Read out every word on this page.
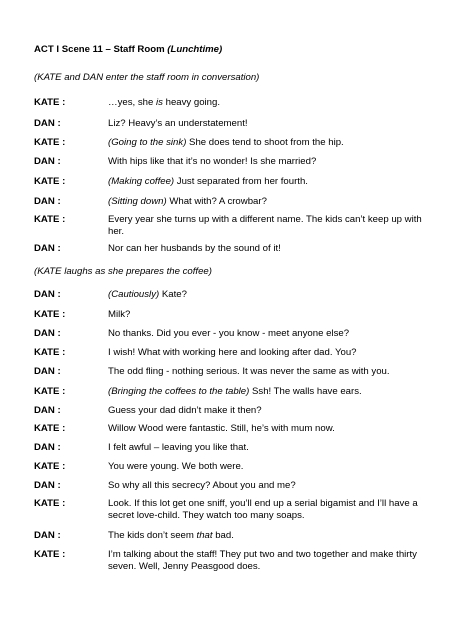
ACT I Scene 11 – Staff Room (Lunchtime)
(KATE and DAN enter the staff room in conversation)
KATE :	…yes, she is heavy going.
DAN :	Liz? Heavy’s an understatement!
KATE :	(Going to the sink) She does tend to shoot from the hip.
DAN :	With hips like that it’s no wonder! Is she married?
KATE :	(Making coffee) Just separated from her fourth.
DAN :	(Sitting down) What with? A crowbar?
KATE :	Every year she turns up with a different name. The kids can’t keep up with her.
DAN :	Nor can her husbands by the sound of it!
(KATE laughs as she prepares the coffee)
DAN :	(Cautiously) Kate?
KATE :	Milk?
DAN :	No thanks. Did you ever - you know - meet anyone else?
KATE :	I wish! What with working here and looking after dad. You?
DAN :	The odd fling - nothing serious. It was never the same as with you.
KATE :	(Bringing the coffees to the table) Ssh! The walls have ears.
DAN :	Guess your dad didn’t make it then?
KATE :	Willow Wood were fantastic. Still, he’s with mum now.
DAN :	I felt awful – leaving you like that.
KATE :	You were young. We both were.
DAN :	So why all this secrecy? About you and me?
KATE :	Look. If this lot get one sniff, you’ll end up a serial bigamist and I’ll have a secret love-child. They watch too many soaps.
DAN :	The kids don’t seem that bad.
KATE :	I’m talking about the staff! They put two and two together and make thirty seven. Well, Jenny Peasgood does.
